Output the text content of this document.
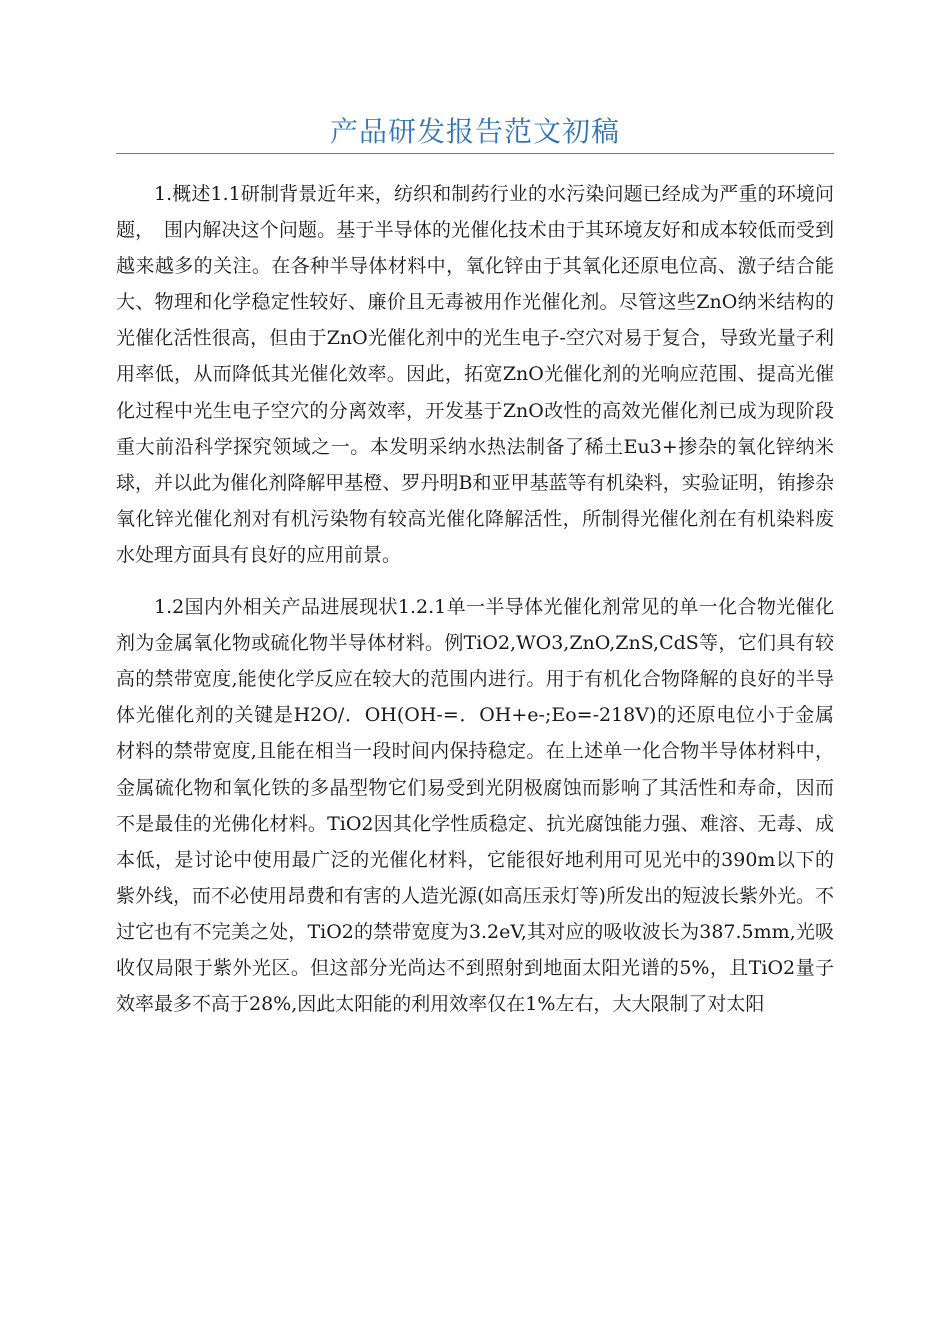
产品研发报告范文初稿

1.概述1.1研制背景近年来，纺织和制药行业的水污染问题已经成为严重的环境问题，　围内解决这个问题。基于半导体的光催化技术由于其环境友好和成本较低而受到越来越多的关注。在各种半导体材料中，氧化锌由于其氧化还原电位高、激子结合能大、物理和化学稳定性较好、廉价且无毒被用作光催化剂。尽管这些ZnO纳米结构的光催化活性很高，但由于ZnO光催化剂中的光生电子-空穴对易于复合，导致光量子利用率低，从而降低其光催化效率。因此，拓宽ZnO光催化剂的光响应范围、提高光催化过程中光生电子空穴的分离效率，开发基于ZnO改性的高效光催化剂已成为现阶段重大前沿科学探究领域之一。本发明采纳水热法制备了稀土Eu3+掺杂的氧化锌纳米球，并以此为催化剂降解甲基橙、罗丹明B和亚甲基蓝等有机染料，实验证明，铕掺杂氧化锌光催化剂对有机污染物有较高光催化降解活性，所制得光催化剂在有机染料废水处理方面具有良好的应用前景。

1.2国内外相关产品进展现状1.2.1单一半导体光催化剂常见的单一化合物光催化剂为金属氧化物或硫化物半导体材料。例TiO2,WO3,ZnO,ZnS,CdS等，它们具有较高的禁带宽度,能使化学反应在较大的范围内进行。用于有机化合物降解的良好的半导体光催化剂的关键是H2O/．OH(OH-=．OH+e-;Eo=-218V)的还原电位小于金属材料的禁带宽度,且能在相当一段时间内保持稳定。在上述单一化合物半导体材料中，金属硫化物和氧化铁的多晶型物它们易受到光阴极腐蚀而影响了其活性和寿命，因而不是最佳的光佛化材料。TiO2因其化学性质稳定、抗光腐蚀能力强、难溶、无毒、成本低，是讨论中使用最广泛的光催化材料，它能很好地利用可见光中的390m以下的紫外线，而不必使用昂费和有害的人造光源(如高压汞灯等)所发出的短波长紫外光。不过它也有不完美之处，TiO2的禁带宽度为3.2eV,其对应的吸收波长为387.5mm,光吸收仅局限于紫外光区。但这部分光尚达不到照射到地面太阳光谱的5%，且TiO2量子效率最多不高于28%,因此太阳能的利用效率仅在1%左右，大大限制了对太阳
